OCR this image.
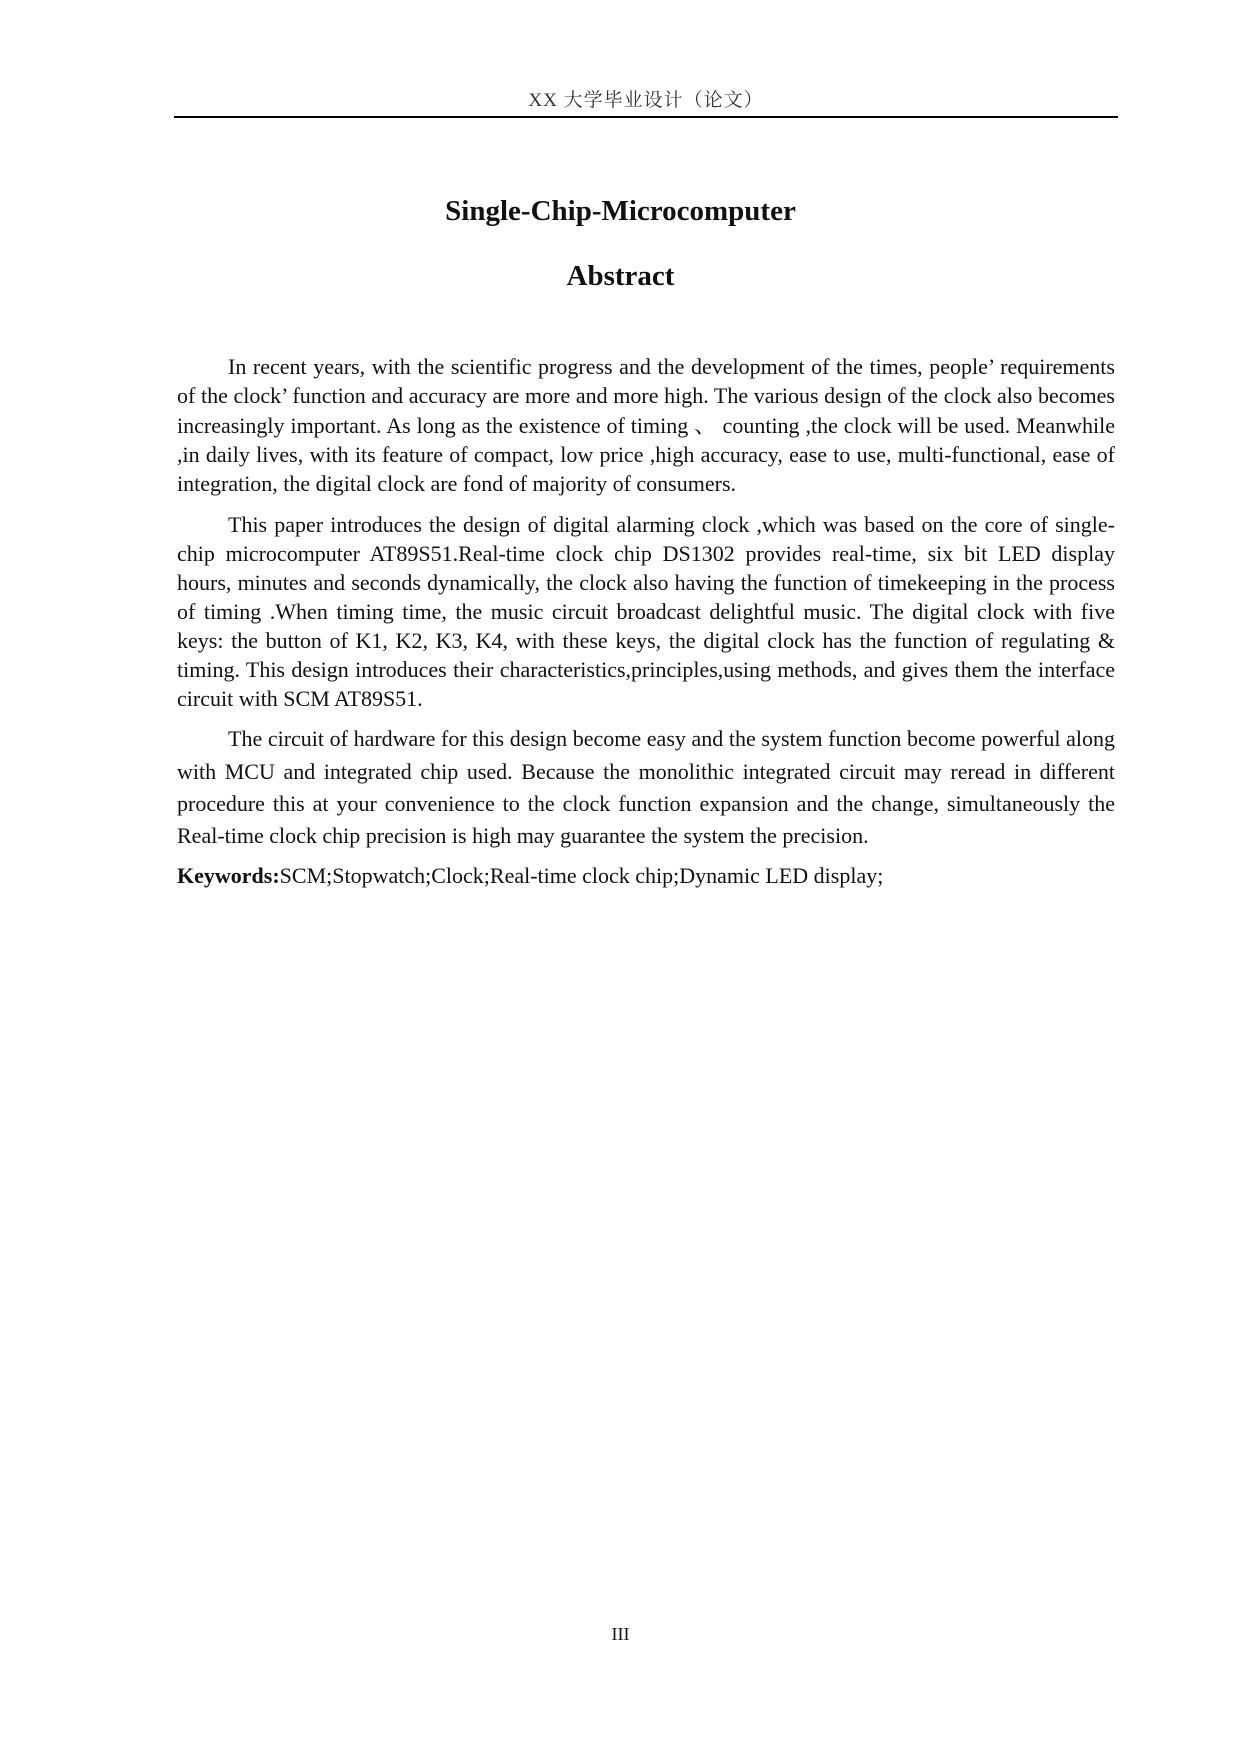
XX 大学毕业设计（论文）
Single-Chip-Microcomputer
Abstract

In recent years, with the scientific progress and the development of the times, people’ requirements of the clock’ function and accuracy are more and more high. The various design of the clock also becomes increasingly important. As long as the existence of timing 、 counting ,the clock will be used. Meanwhile ,in daily lives, with its feature of compact, low price ,high accuracy, ease to use, multi-functional, ease of integration, the digital clock are fond of majority of consumers.

This paper introduces the design of digital alarming clock ,which was based on the core of single-chip microcomputer AT89S51.Real-time clock chip DS1302 provides real-time, six bit LED display hours, minutes and seconds dynamically, the clock also having the function of timekeeping in the process of timing .When timing time, the music circuit broadcast delightful music. The digital clock with five keys: the button of K1, K2, K3, K4, with these keys, the digital clock has the function of regulating & timing. This design introduces their characteristics,principles,using methods, and gives them the interface circuit with SCM AT89S51.

The circuit of hardware for this design become easy and the system function become powerful along with MCU and integrated chip used. Because the monolithic integrated circuit may reread in different procedure this at your convenience to the clock function expansion and the change, simultaneously the Real-time clock chip precision is high may guarantee the system the precision.

Keywords:SCM;Stopwatch;Clock;Real-time clock chip;Dynamic LED display;

III
